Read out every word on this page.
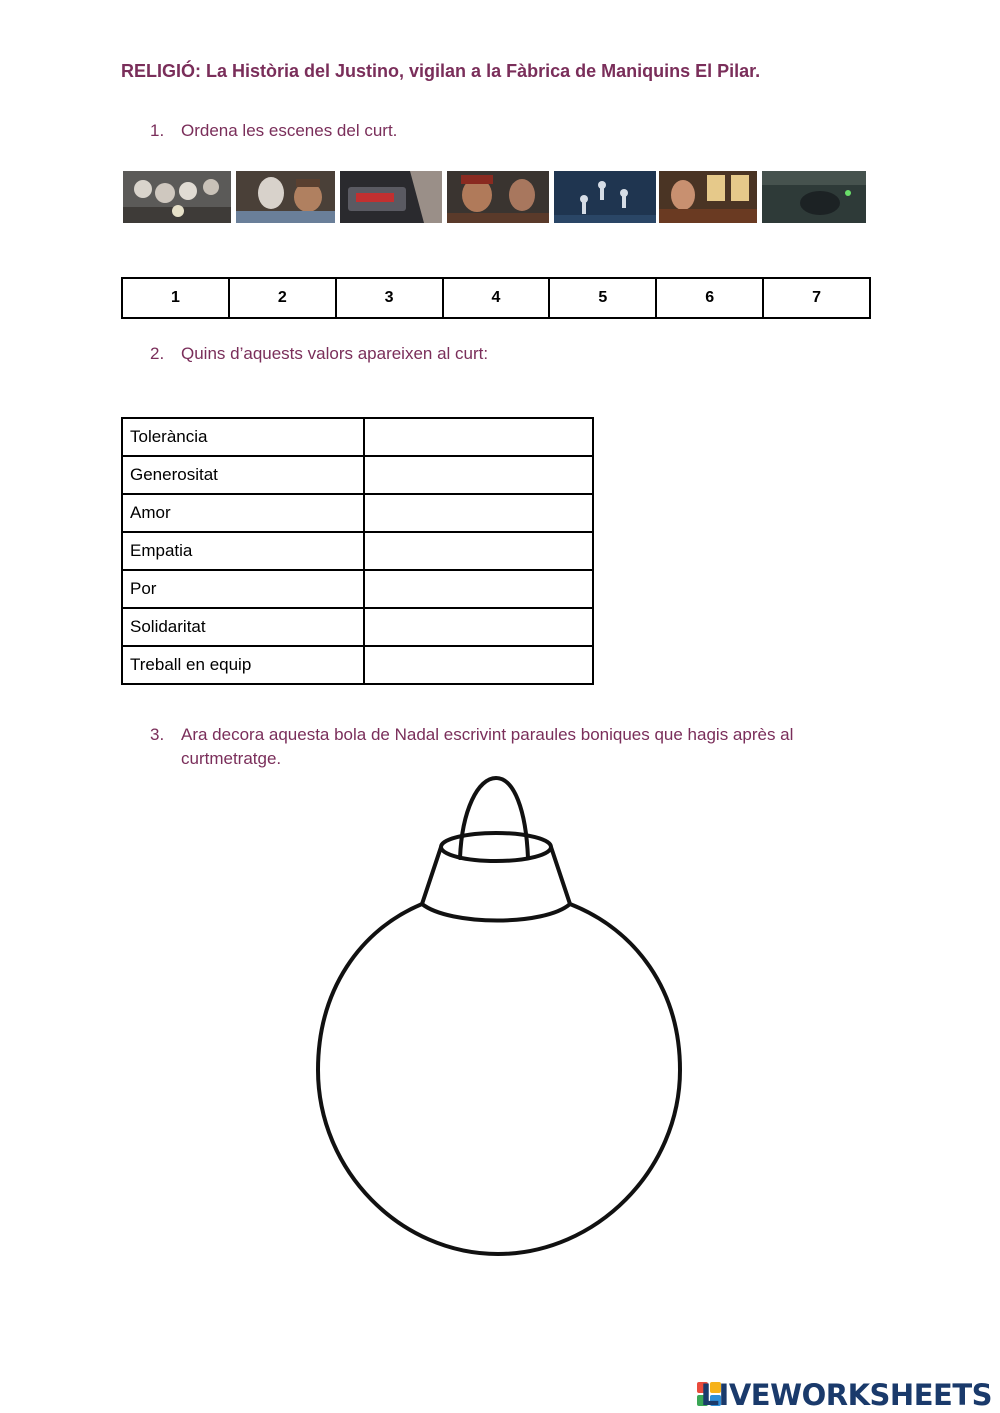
RELIGIÓ: La Història del Justino, vigilan a la Fàbrica de Maniquins El Pilar.
1. Ordena les escenes del curt.
1	2	3	4	5	6	7
2. Quins d’aquests valors apareixen al curt:
Tolerància	
Generositat	
Amor	
Empatia	
Por	
Solidaritat	
Treball en equip	
3. Ara decora aquesta bola de Nadal escrivint paraules boniques que hagis après al curtmetratge.
LIVEWORKSHEETS
